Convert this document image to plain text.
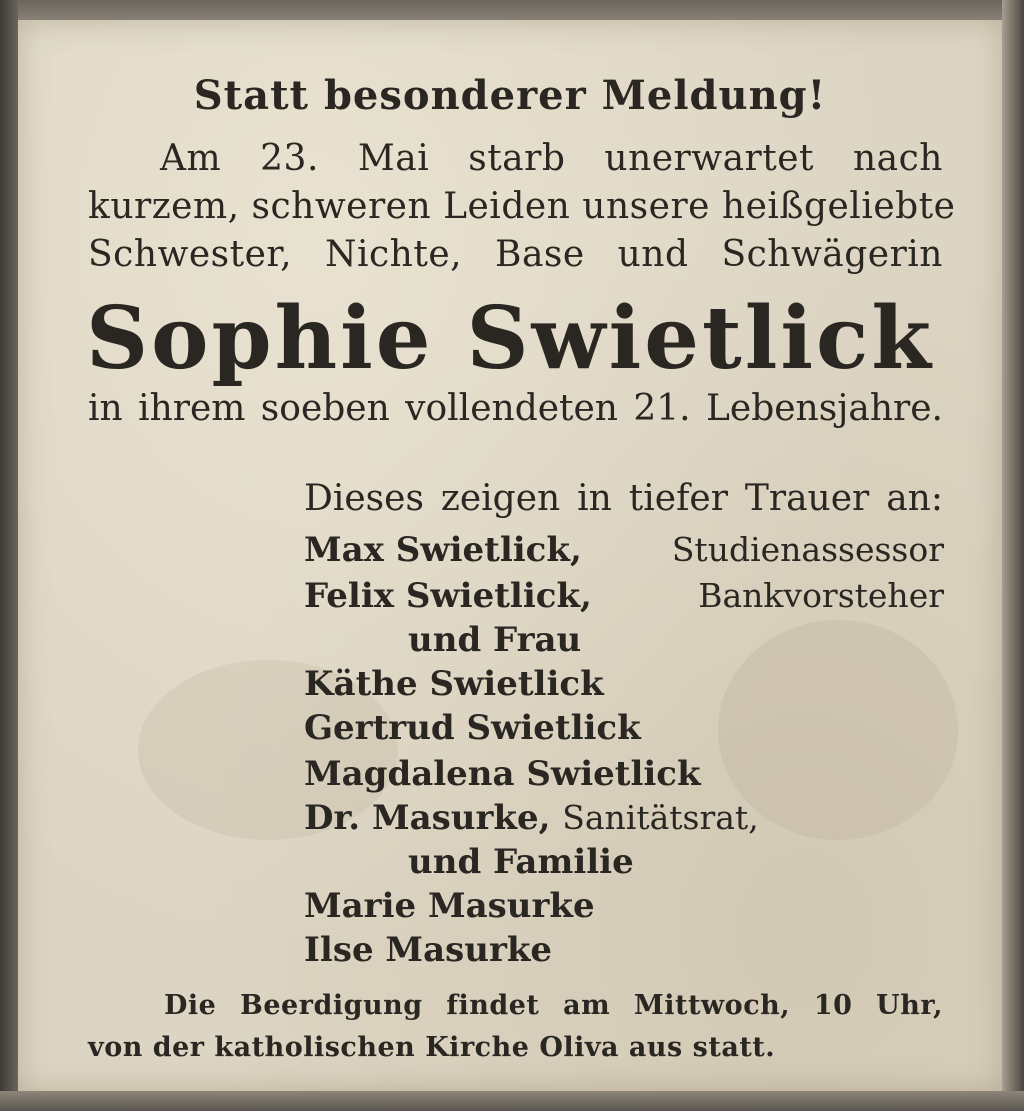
Statt besonderer Meldung!

Am 23. Mai starb unerwartet nach

kurzem, schweren Leiden unsere heißgeliebte

Schwester, Nichte, Base und Schwägerin

Sophie Swietlick

in ihrem soeben vollendeten 21. Lebensjahre.

Dieses zeigen in tiefer Trauer an:

Max Swietlick,	Studienassessor
Felix Swietlick,	Bankvorsteher

und Frau

Käthe Swietlick

Gertrud Swietlick

Magdalena Swietlick

Dr. Masurke, Sanitätsrat,

und Familie

Marie Masurke

Ilse Masurke

Die Beerdigung findet am Mittwoch, 10 Uhr,

von der katholischen Kirche Oliva aus statt.
